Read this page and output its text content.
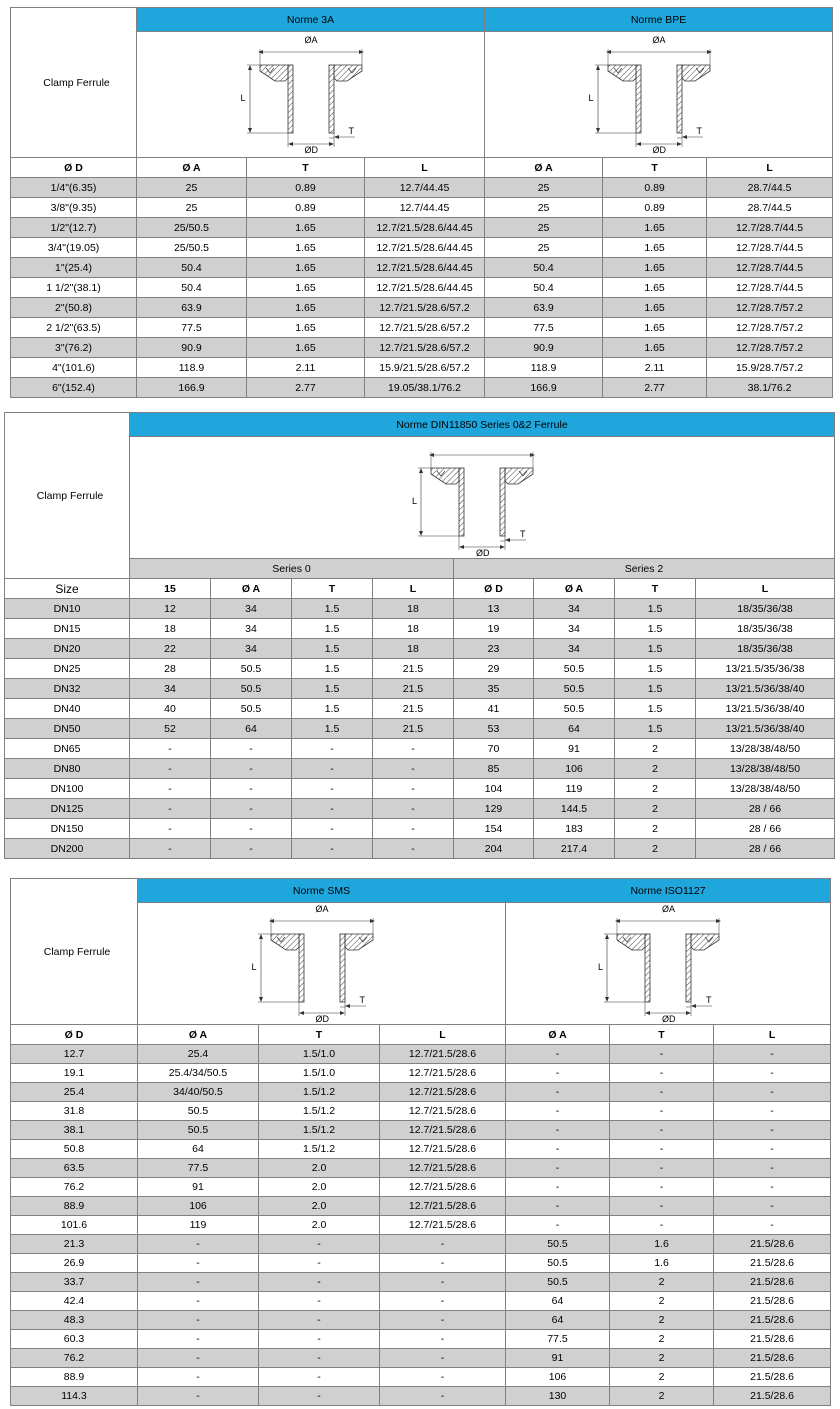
Clamp Ferrule	Norme 3A			Norme BPE		

	ØA
L
ØD
T			ØA
L
ØD
T		

Ø D	Ø A	T	L	Ø A	T	L
1/4"(6.35)	25	0.89	12.7/44.45	25	0.89	28.7/44.5
3/8"(9.35)	25	0.89	12.7/44.45	25	0.89	28.7/44.5
1/2"(12.7)	25/50.5	1.65	12.7/21.5/28.6/44.45	25	1.65	12.7/28.7/44.5
3/4"(19.05)	25/50.5	1.65	12.7/21.5/28.6/44.45	25	1.65	12.7/28.7/44.5
1"(25.4)	50.4	1.65	12.7/21.5/28.6/44.45	50.4	1.65	12.7/28.7/44.5
1 1/2"(38.1)	50.4	1.65	12.7/21.5/28.6/44.45	50.4	1.65	12.7/28.7/44.5
2"(50.8)	63.9	1.65	12.7/21.5/28.6/57.2	63.9	1.65	12.7/28.7/57.2
2 1/2"(63.5)	77.5	1.65	12.7/21.5/28.6/57.2	77.5	1.65	12.7/28.7/57.2
3"(76.2)	90.9	1.65	12.7/21.5/28.6/57.2	90.9	1.65	12.7/28.7/57.2
4"(101.6)	118.9	2.11	15.9/21.5/28.6/57.2	118.9	2.11	15.9/28.7/57.2
6"(152.4)	166.9	2.77	19.05/38.1/76.2	166.9	2.77	38.1/76.2
Clamp Ferrule	Norme DIN11850 Series 0&2 Ferrule							

	L
ØD
T							

	Series 0				Series 2			
Size	15	Ø A	T	L	Ø D	Ø A	T	L
DN10	12	34	1.5	18	13	34	1.5	18/35/36/38
DN15	18	34	1.5	18	19	34	1.5	18/35/36/38
DN20	22	34	1.5	18	23	34	1.5	18/35/36/38
DN25	28	50.5	1.5	21.5	29	50.5	1.5	13/21.5/35/36/38
DN32	34	50.5	1.5	21.5	35	50.5	1.5	13/21.5/36/38/40
DN40	40	50.5	1.5	21.5	41	50.5	1.5	13/21.5/36/38/40
DN50	52	64	1.5	21.5	53	64	1.5	13/21.5/36/38/40
DN65	-	-	-	-	70	91	2	13/28/38/48/50
DN80	-	-	-	-	85	106	2	13/28/38/48/50
DN100	-	-	-	-	104	119	2	13/28/38/48/50
DN125	-	-	-	-	129	144.5	2	28 / 66
DN150	-	-	-	-	154	183	2	28 / 66
DN200	-	-	-	-	204	217.4	2	28 / 66
Clamp Ferrule	Norme SMS			Norme ISO1127		

	ØA
L
ØD
T			ØA
L
ØD
T		

Ø D	Ø A	T	L	Ø A	T	L
12.7	25.4	1.5/1.0	12.7/21.5/28.6	-	-	-
19.1	25.4/34/50.5	1.5/1.0	12.7/21.5/28.6	-	-	-
25.4	34/40/50.5	1.5/1.2	12.7/21.5/28.6	-	-	-
31.8	50.5	1.5/1.2	12.7/21.5/28.6	-	-	-
38.1	50.5	1.5/1.2	12.7/21.5/28.6	-	-	-
50.8	64	1.5/1.2	12.7/21.5/28.6	-	-	-
63.5	77.5	2.0	12.7/21.5/28.6	-	-	-
76.2	91	2.0	12.7/21.5/28.6	-	-	-
88.9	106	2.0	12.7/21.5/28.6	-	-	-
101.6	119	2.0	12.7/21.5/28.6	-	-	-
21.3	-	-	-	50.5	1.6	21.5/28.6
26.9	-	-	-	50.5	1.6	21.5/28.6
33.7	-	-	-	50.5	2	21.5/28.6
42.4	-	-	-	64	2	21.5/28.6
48.3	-	-	-	64	2	21.5/28.6
60.3	-	-	-	77.5	2	21.5/28.6
76.2	-	-	-	91	2	21.5/28.6
88.9	-	-	-	106	2	21.5/28.6
114.3	-	-	-	130	2	21.5/28.6
